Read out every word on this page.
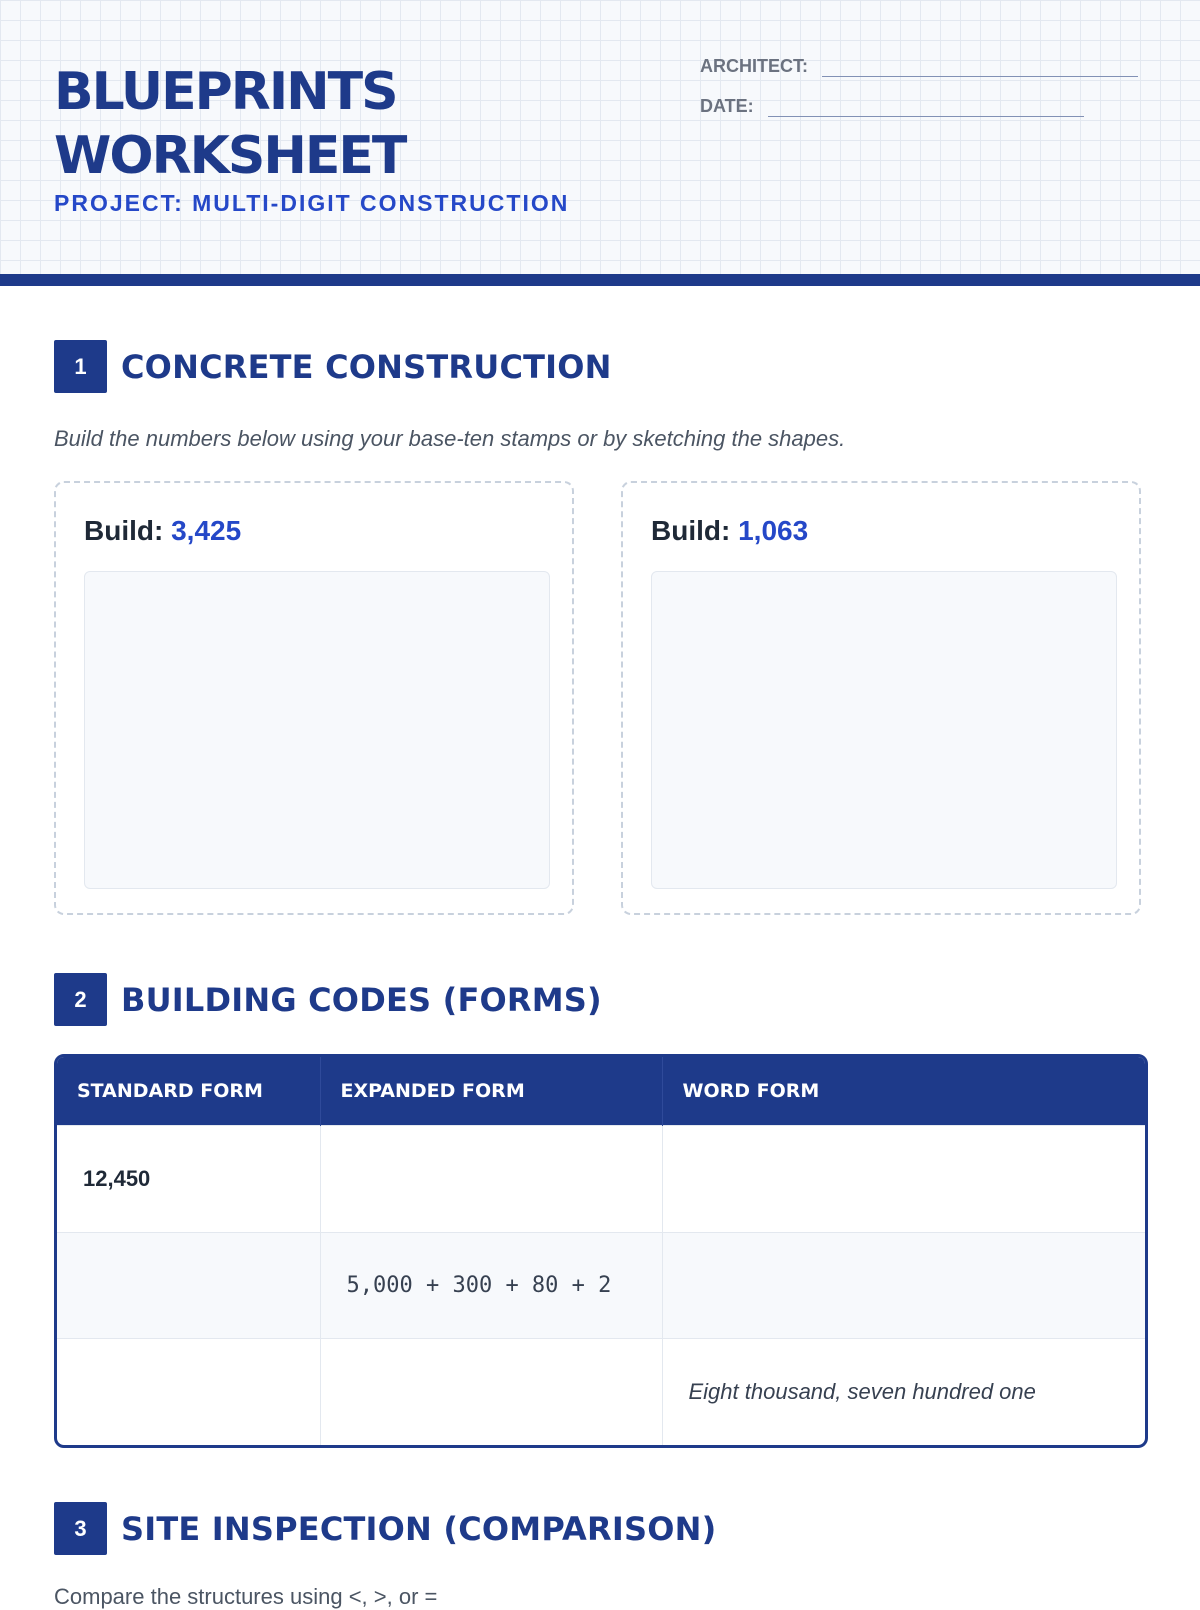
BLUEPRINTS
WORKSHEET
PROJECT: MULTI-DIGIT CONSTRUCTION
ARCHITECT:
DATE:
1	CONCRETE CONSTRUCTION
Build the numbers below using your base-ten stamps or by sketching the shapes.
Build: 3,425	Build: 1,063
2	BUILDING CODES (FORMS)
STANDARD FORM	EXPANDED FORM	WORD FORM
12,450		
	5,000 + 300 + 80 + 2	
		Eight thousand, seven hundred one
3	SITE INSPECTION (COMPARISON)
Compare the structures using <, >, or =
